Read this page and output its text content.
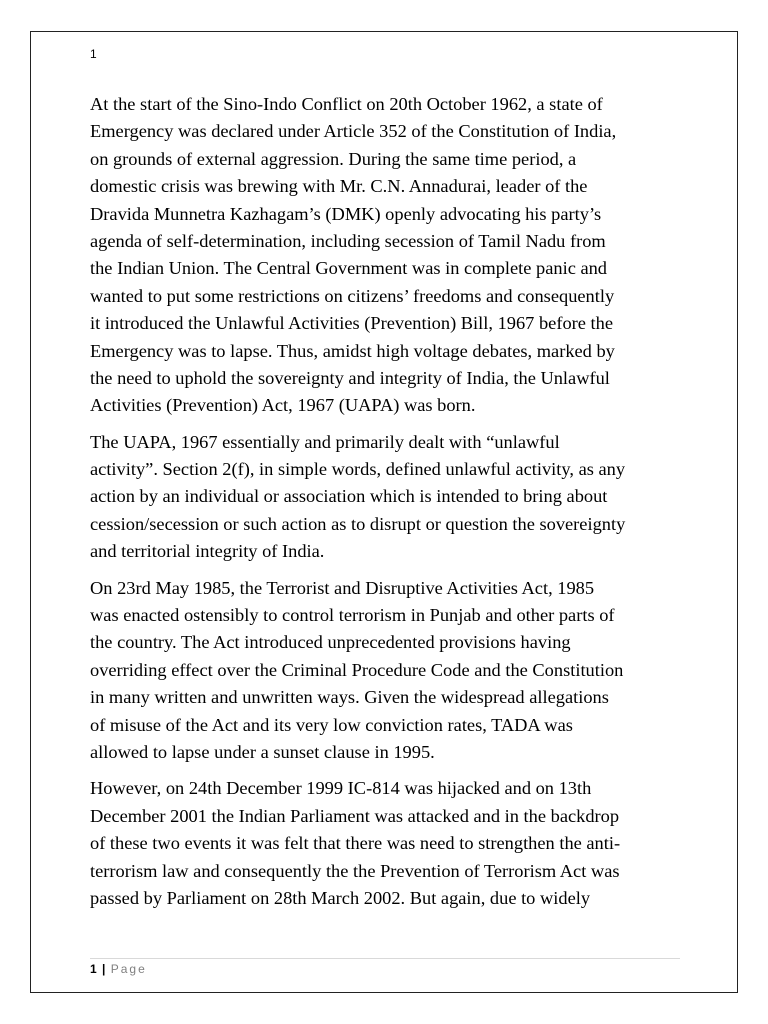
1
At the start of the Sino-Indo Conflict on 20th October 1962, a state of
Emergency was declared under Article 352 of the Constitution of India,
on grounds of external aggression. During the same time period, a
domestic crisis was brewing with Mr. C.N. Annadurai, leader of the
Dravida Munnetra Kazhagam’s (DMK) openly advocating his party’s
agenda of self-determination, including secession of Tamil Nadu from
the Indian Union. The Central Government was in complete panic and
wanted to put some restrictions on citizens’ freedoms and consequently
it introduced the Unlawful Activities (Prevention) Bill, 1967 before the
Emergency was to lapse. Thus, amidst high voltage debates, marked by
the need to uphold the sovereignty and integrity of India, the Unlawful
Activities (Prevention) Act, 1967 (UAPA) was born.
The UAPA, 1967 essentially and primarily dealt with “unlawful
activity”. Section 2(f), in simple words, defined unlawful activity, as any
action by an individual or association which is intended to bring about
cession/secession or such action as to disrupt or question the sovereignty
and territorial integrity of India.
On 23rd May 1985, the Terrorist and Disruptive Activities Act, 1985
was enacted ostensibly to control terrorism in Punjab and other parts of
the country. The Act introduced unprecedented provisions having
overriding effect over the Criminal Procedure Code and the Constitution
in many written and unwritten ways. Given the widespread allegations
of misuse of the Act and its very low conviction rates, TADA was
allowed to lapse under a sunset clause in 1995.
However, on 24th December 1999 IC-814 was hijacked and on 13th
December 2001 the Indian Parliament was attacked and in the backdrop
of these two events it was felt that there was need to strengthen the anti-
terrorism law and consequently the the Prevention of Terrorism Act was
passed by Parliament on 28th March 2002. But again, due to widely
1 | Page
